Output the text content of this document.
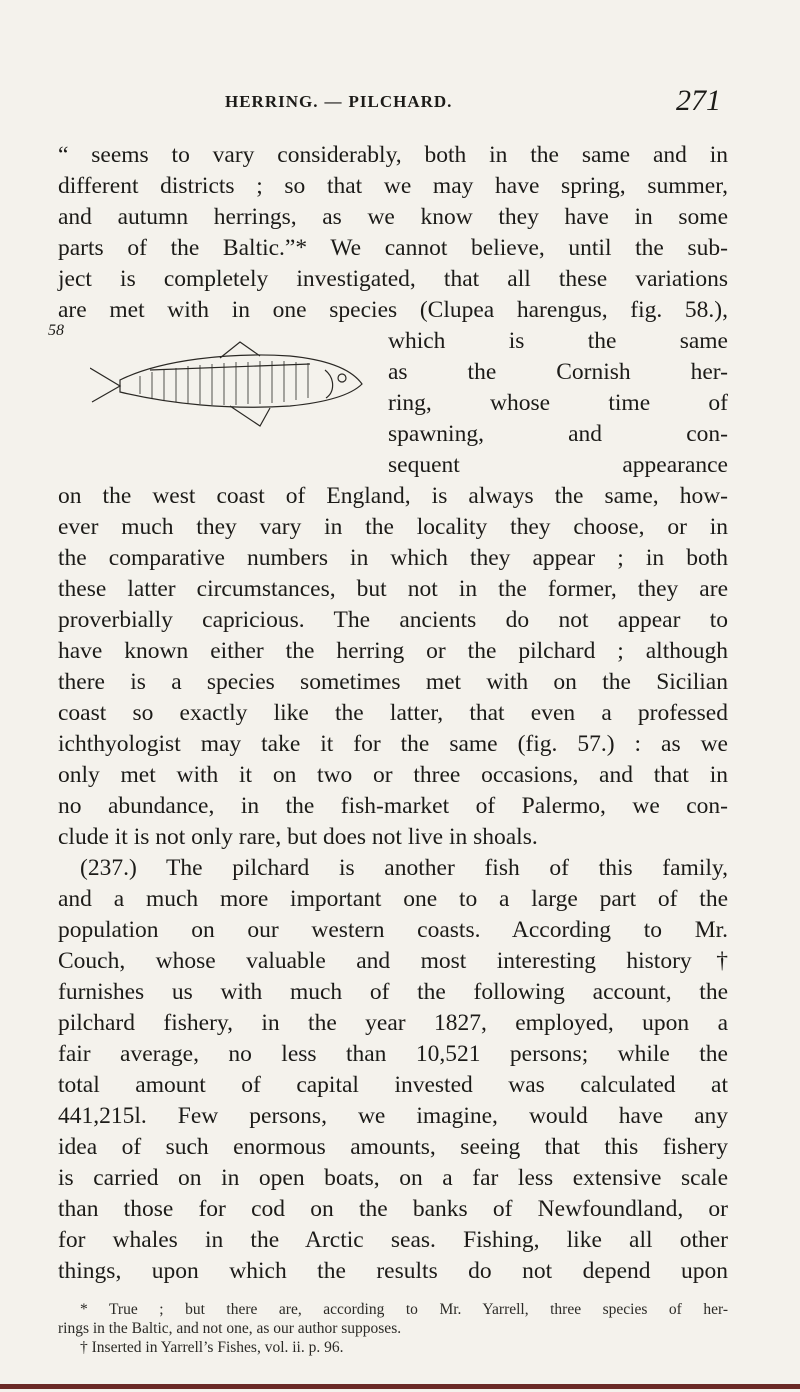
HERRING. — PILCHARD.	271
“ seems to vary considerably, both in the same and in
different districts ; so that we may have spring, summer,
and autumn herrings, as we know they have in some
parts of the Baltic.”* We cannot believe, until the sub-
ject is completely investigated, that all these variations
are met with in one species (Clupea harengus, fig. 58.),
58	which is the same
as the Cornish her-
ring, whose time of
spawning, and con-
sequent appearance
on the west coast of England, is always the same, how-
ever much they vary in the locality they choose, or in
the comparative numbers in which they appear ; in both
these latter circumstances, but not in the former, they are
proverbially capricious. The ancients do not appear to
have known either the herring or the pilchard ; although
there is a species sometimes met with on the Sicilian
coast so exactly like the latter, that even a professed
ichthyologist may take it for the same (fig. 57.) : as we
only met with it on two or three occasions, and that in
no abundance, in the fish-market of Palermo, we con-
clude it is not only rare, but does not live in shoals.
(237.) The pilchard is another fish of this family,
and a much more important one to a large part of the
population on our western coasts. According to Mr.
Couch, whose valuable and most interesting history†
furnishes us with much of the following account, the
pilchard fishery, in the year 1827, employed, upon a
fair average, no less than 10,521 persons; while the
total amount of capital invested was calculated at
441,215l. Few persons, we imagine, would have any
idea of such enormous amounts, seeing that this fishery
is carried on in open boats, on a far less extensive scale
than those for cod on the banks of Newfoundland, or
for whales in the Arctic seas. Fishing, like all other
things, upon which the results do not depend upon
* True ; but there are, according to Mr. Yarrell, three species of her-
rings in the Baltic, and not one, as our author supposes.
† Inserted in Yarrell’s Fishes, vol. ii. p. 96.
